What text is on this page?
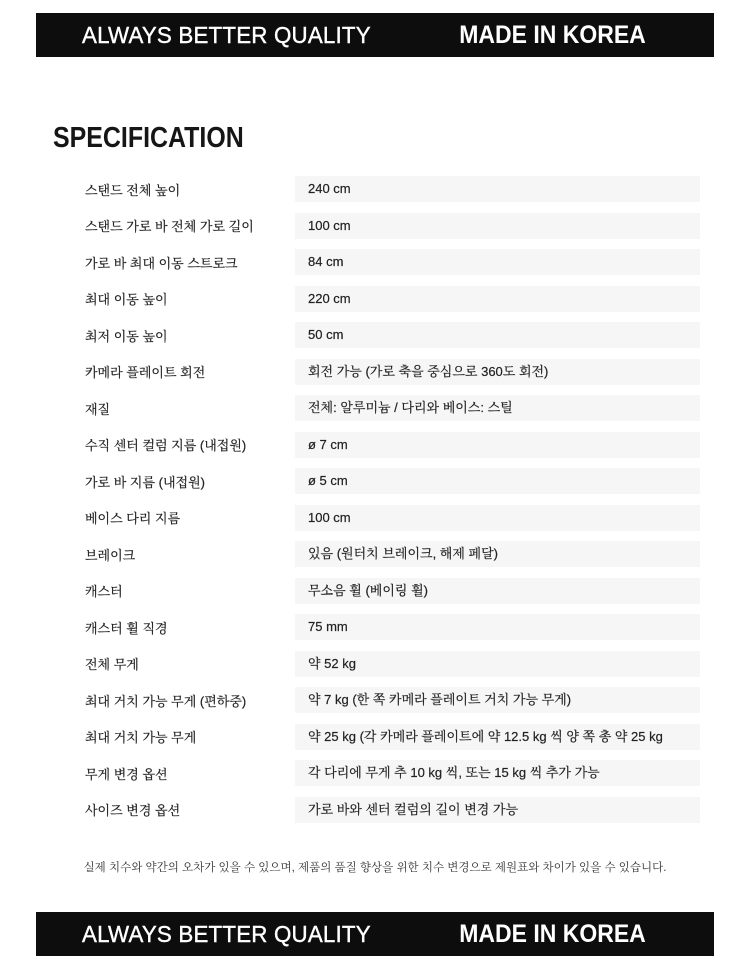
ALWAYS BETTER QUALITY	MADE IN KOREA
SPECIFICATION
스탠드 전체 높이	240 cm
스탠드 가로 바 전체 가로 길이	100 cm
가로 바 최대 이동 스트로크	84 cm
최대 이동 높이	220 cm
최저 이동 높이	50 cm
카메라 플레이트 회전	회전 가능 (가로 축을 중심으로 360도 회전)
재질	전체: 알루미늄 / 다리와 베이스: 스틸
수직 센터 컬럼 지름 (내접원)	ø 7 cm
가로 바 지름 (내접원)	ø 5 cm
베이스 다리 지름	100 cm
브레이크	있음 (원터치 브레이크, 해제 페달)
캐스터	무소음 휠 (베이링 휠)
캐스터 휠 직경	75 mm
전체 무게	약 52 kg
최대 거치 가능 무게 (편하중)	약 7 kg (한 쪽 카메라 플레이트 거치 가능 무게)
최대 거치 가능 무게	약 25 kg (각 카메라 플레이트에 약 12.5 kg 씩 양 쪽 총 약 25 kg
무게 변경 옵션	각 다리에 무게 추 10 kg 씩, 또는 15 kg 씩 추가 가능
사이즈 변경 옵션	가로 바와 센터 컬럼의 길이 변경 가능
실제 치수와 약간의 오차가 있을 수 있으며, 제품의 품질 향상을 위한 치수 변경으로 제원표와 차이가 있을 수 있습니다.
ALWAYS BETTER QUALITY	MADE IN KOREA
